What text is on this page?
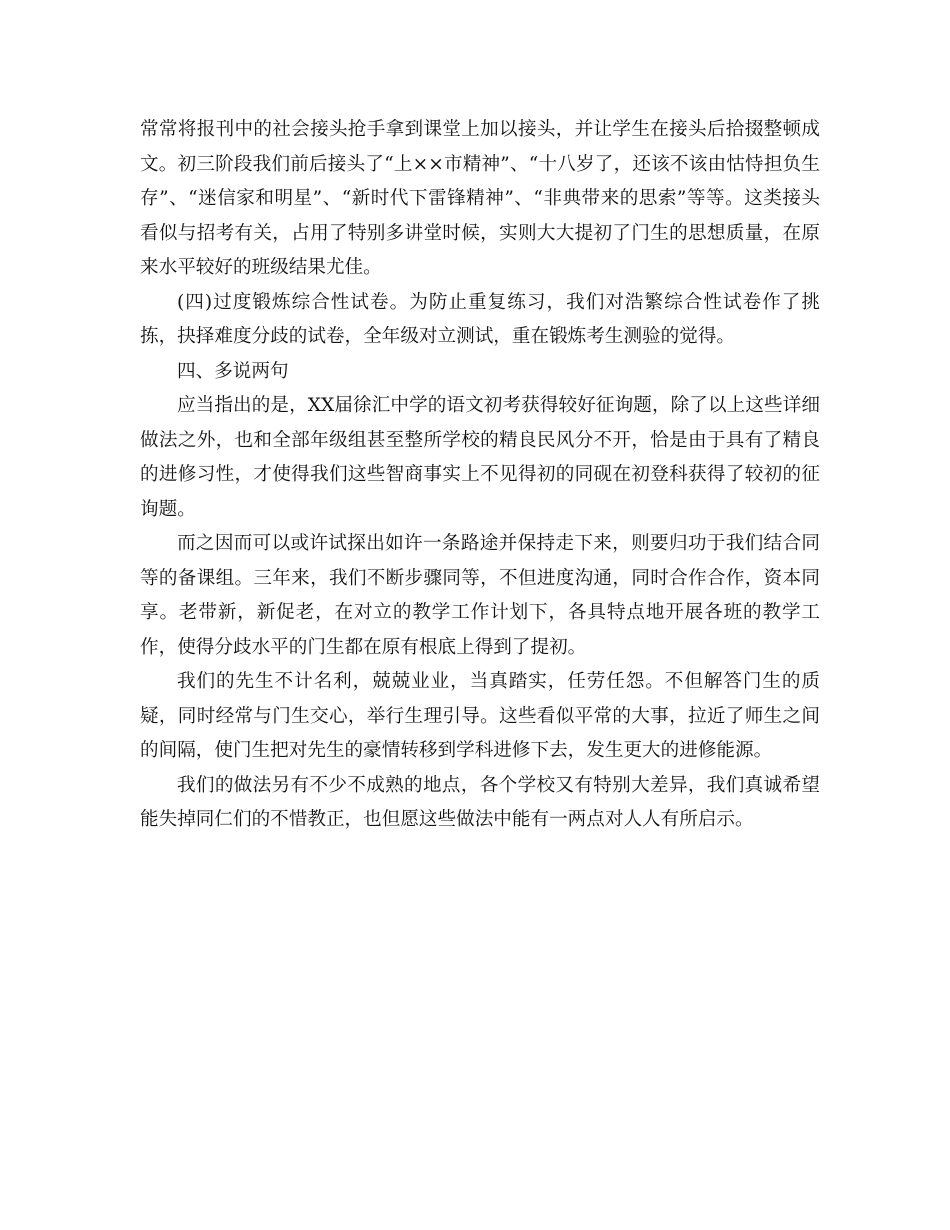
常常将报刊中的社会接头抢手拿到课堂上加以接头，并让学生在接头后拾掇整顿成文。初三阶段我们前后接头了“上××市精神”、“十八岁了，还该不该由怙恃担负生存”、“迷信家和明星”、“新时代下雷锋精神”、“非典带来的思索”等等。这类接头看似与招考有关，占用了特别多讲堂时候，实则大大提初了门生的思想质量，在原来水平较好的班级结果尤佳。

(四)过度锻炼综合性试卷。为防止重复练习，我们对浩繁综合性试卷作了挑拣，抉择难度分歧的试卷，全年级对立测试，重在锻炼考生测验的觉得。

四、多说两句

应当指出的是，XX届徐汇中学的语文初考获得较好征询题，除了以上这些详细做法之外，也和全部年级组甚至整所学校的精良民风分不开，恰是由于具有了精良的进修习性，才使得我们这些智商事实上不见得初的同砚在初登科获得了较初的征询题。

而之因而可以或许试探出如许一条路途并保持走下来，则要归功于我们结合同等的备课组。三年来，我们不断步骤同等，不但进度沟通，同时合作合作，资本同享。老带新，新促老，在对立的教学工作计划下，各具特点地开展各班的教学工作，使得分歧水平的门生都在原有根底上得到了提初。

我们的先生不计名利，兢兢业业，当真踏实，任劳任怨。不但解答门生的质疑，同时经常与门生交心，举行生理引导。这些看似平常的大事，拉近了师生之间的间隔，使门生把对先生的豪情转移到学科进修下去，发生更大的进修能源。

我们的做法另有不少不成熟的地点，各个学校又有特别大差异，我们真诚希望能失掉同仁们的不惜教正，也但愿这些做法中能有一两点对人人有所启示。
